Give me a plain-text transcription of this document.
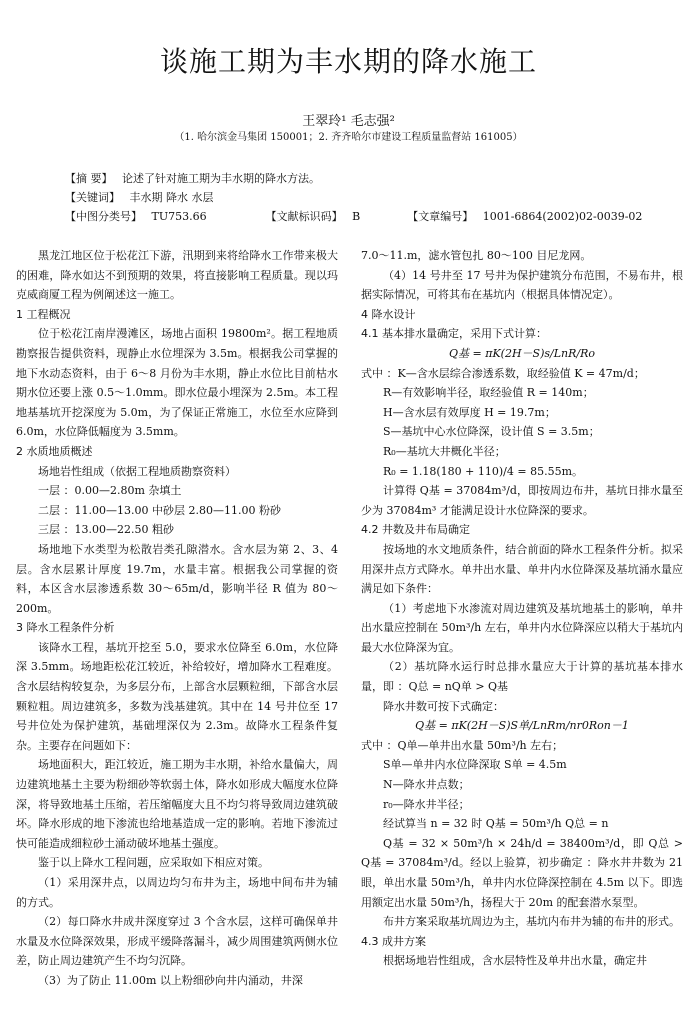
谈施工期为丰水期的降水施工
王翠玲¹ 毛志强²
（1. 哈尔滨金马集团 150001；2. 齐齐哈尔市建设工程质量监督站 161005）
【摘 要】 论述了针对施工期为丰水期的降水方法。
【关键词】 丰水期 降水 水层
【中图分类号】 TU753.66	【文献标识码】 B	【文章编号】 1001-6864(2002)02-0039-02

黑龙江地区位于松花江下游，汛期到来将给降水工作带来极大的困难，降水如达不到预期的效果，将直接影响工程质量。现以玛克威商厦工程为例阐述这一施工。

1 工程概况

位于松花江南岸漫滩区，场地占面积 19800m²。据工程地质勘察报告提供资料，现静止水位埋深为 3.5m。根据我公司掌握的地下水动态资料，由于 6～8 月份为丰水期，静止水位比目前枯水期水位还要上涨 0.5～1.0mm。即水位最小埋深为 2.5m。本工程地基基坑开挖深度为 5.0m，为了保证正常施工，水位至水应降到 6.0m，水位降低幅度为 3.5mm。

2 水质地质概述

场地岩性组成（依据工程地质勘察资料）

一层 ：0.00—2.80m 杂填土

二层 ：11.00—13.00 中砂层 2.80—11.00 粉砂

三层 ：13.00—22.50 粗砂

场地地下水类型为松散岩类孔隙潜水。含水层为第 2、3、4 层。含水层累计厚度 19.7m，水量丰富。根据我公司掌握的资料，本区含水层渗透系数 30～65m/d，影响半径 R 值为 80～200m。

3 降水工程条件分析

该降水工程，基坑开挖至 5.0，要求水位降至 6.0m，水位降深 3.5mm。场地距松花江较近，补给较好，增加降水工程难度。含水层结构较复杂，为多层分布，上部含水层颗粒细，下部含水层颗粒粗。周边建筑多，多数为浅基建筑。其中在 14 号井位至 17 号井位处为保护建筑，基础埋深仅为 2.3m。故降水工程条件复杂。主要存在问题如下：

场地面积大，距江较近，施工期为丰水期，补给水量偏大，周边建筑地基土主要为粉细砂等软弱土体，降水如形成大幅度水位降深，将导致地基土压缩，若压缩幅度大且不均匀将导致周边建筑破坏。降水形成的地下渗流也给地基造成一定的影响。若地下渗流过快可能造成细粒砂土涌动破坏地基土强度。

鉴于以上降水工程问题，应采取如下相应对策。

（1）采用深井点，以周边均匀布井为主，场地中间布井为辅的方式。

（2）每口降水井成井深度穿过 3 个含水层，这样可确保单井水量及水位降深效果，形成平缓降落漏斗，减少周围建筑两侧水位差，防止周边建筑产生不均匀沉降。

（3）为了防止 11.00m 以上粉细砂向井内涌动，井深

7.0～11.m，滤水管包扎 80～100 目尼龙网。

（4）14 号井至 17 号井为保护建筑分布范围，不易布井，根据实际情况，可将其布在基坑内（根据具体情况定）。

4 降水设计

4.1 基本排水量确定，采用下式计算：

Q基 = πK(2H－S)s/LnR/Ro

式中 ：K—含水层综合渗透系数，取经验值 K = 47m/d；

R—有效影响半径，取经验值 R = 140m；

H—含水层有效厚度 H = 19.7m；

S—基坑中心水位降深，设计值 S = 3.5m；

R₀—基坑大井概化半径；

R₀ = 1.18(180 + 110)/4 = 85.55m。

计算得 Q基 = 37084m³/d，即按周边布井，基坑日排水量至少为 37084m³ 才能满足设计水位降深的要求。

4.2 井数及井布局确定

按场地的水文地质条件，结合前面的降水工程条件分析。拟采用深井点方式降水。单井出水量、单井内水位降深及基坑涌水量应满足如下条件：

（1）考虑地下水渗流对周边建筑及基坑地基土的影响，单井出水量应控制在 50m³/h 左右，单井内水位降深应以稍大于基坑内最大水位降深为宜。

（2）基坑降水运行时总排水量应大于计算的基坑基本排水量，即 ：Q总 = nQ单 > Q基

降水井数可按下式确定：

Q基 = πK(2H－S)S单/LnRm/nr0Ron－1

式中 ：Q单—单井出水量 50m³/h 左右；

S单—单井内水位降深取 S单 = 4.5m

N—降水井点数；

r₀—降水井半径；

经试算当 n = 32 时 Q基 = 50m³/h Q总 = n

Q基 = 32 × 50m³/h × 24h/d = 38400m³/d，即 Q总 > Q基 = 37084m³/d。经以上验算，初步确定 ：降水井井数为 21 眼，单出水量 50m³/h，单井内水位降深控制在 4.5m 以下。即选用额定出水量 50m³/h，扬程大于 20m 的配套潜水泵型。

布井方案采取基坑周边为主，基坑内布井为辅的布井的形式。

4.3 成井方案

根据场地岩性组成，含水层特性及单井出水量，确定井
